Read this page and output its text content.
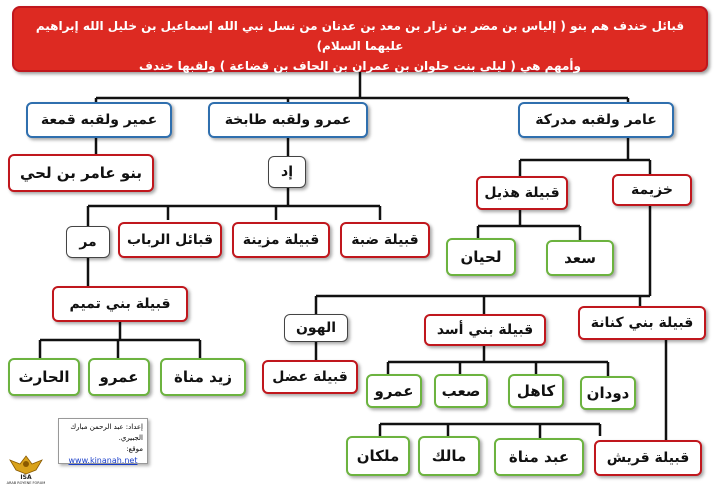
قبائل خندف هم بنو ( إلياس بن مضر بن نزار بن معد بن عدنان من نسل نبي الله إسماعيل بن خليل الله إبراهيم عليهما السلام)
وأمهم هي ( ليلى بنت حلوان بن عمران بن الحاف بن قضاعة ) ولقبها خندف
عامر ولقبه مدركة
عمرو ولقبه طابخة
عمير ولقبه قمعة
بنو عامر بن لحي	إد
مر	قبائل الرباب	قبيلة مزينة	قبيلة ضبة
قبيلة بني تميم
زيد مناة
عمرو
الحارث
خزيمة
قبيلة هذيل
سعد
لحيان
قبيلة بني كنانة
قبيلة بني أسد
الهون
قبيلة عضل
دودان
كاهل
صعب
عمرو
قبيلة قريش
عبد مناة
مالك
ملكان
إعداد: عبد الرحمن مبارك الجبيري.
موقع:
www.kinanah.net
ISA
ARAB ROYENE FORUM
